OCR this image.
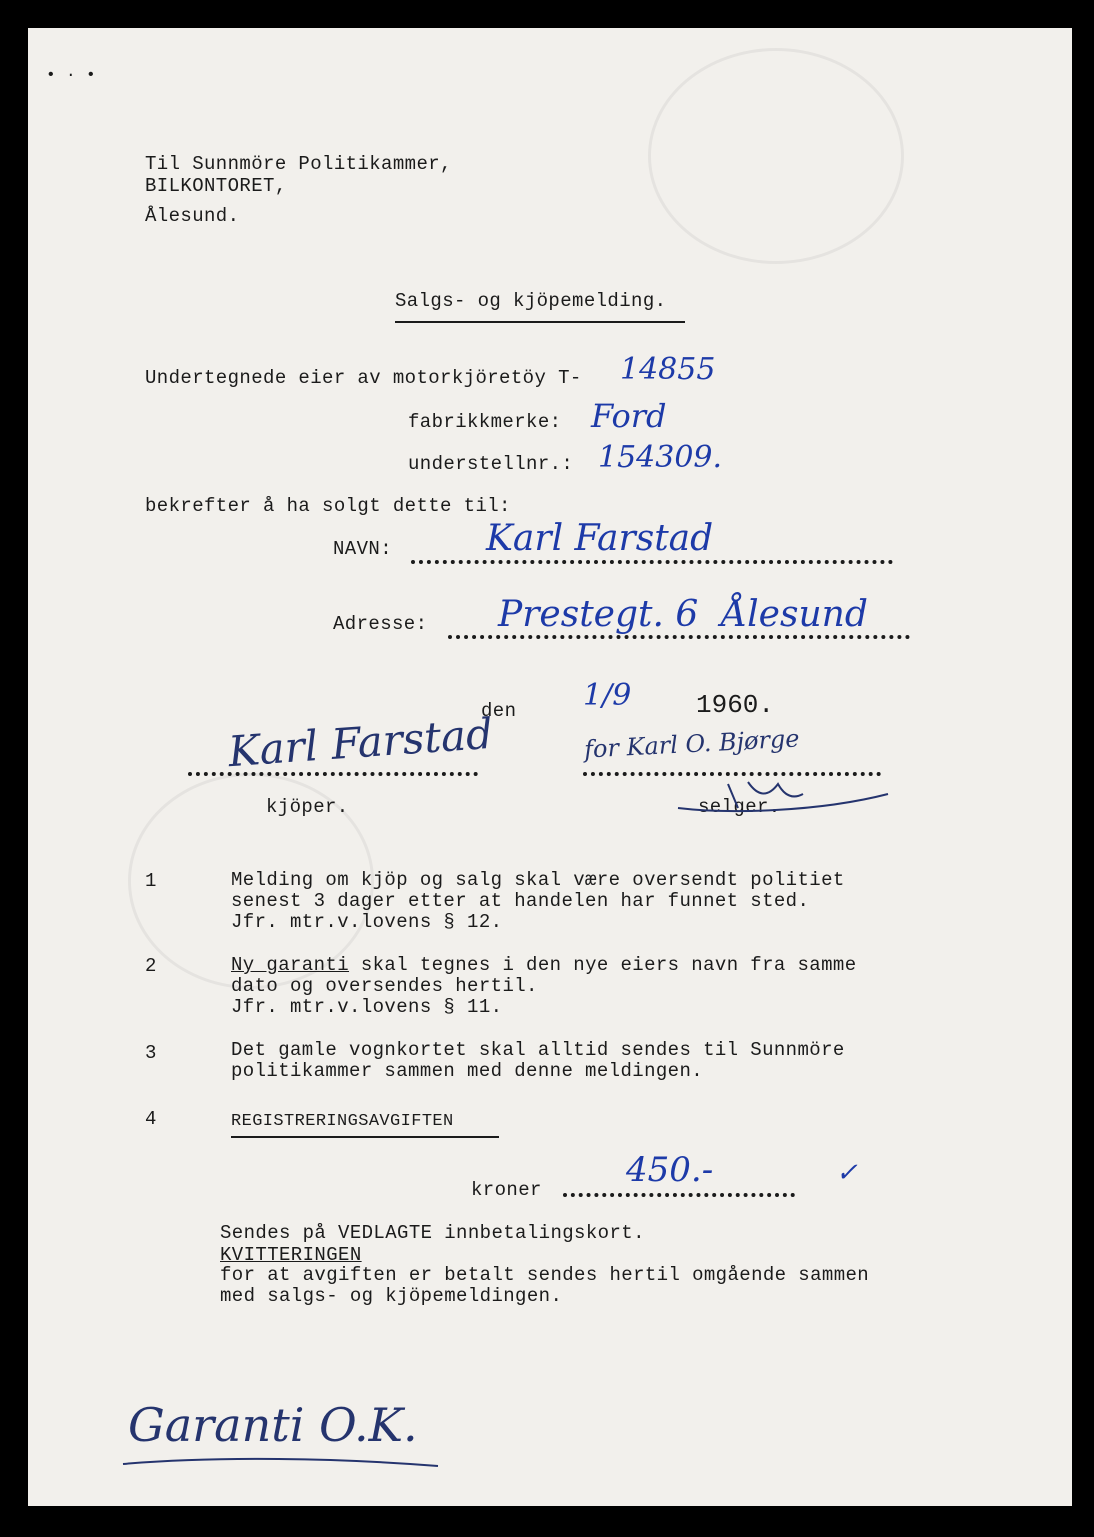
• · •
Til Sunnmöre Politikammer,
BILKONTORET,
Ålesund.
Salgs- og kjöpemelding.
Undertegnede eier av motorkjöretöy T- 14855
fabrikkmerke: Ford
understellnr.: 154309.
bekrefter å ha solgt dette til:
NAVN:	Karl Farstad
Adresse: Prestegt. 6  Ålesund
den 1/9 1960.
Karl Farstad
kjöper.
for Karl O. Bjørge
selger.
1	Melding om kjöp og salg skal være oversendt politiet
senest 3 dager etter at handelen har funnet sted.
Jfr. mtr.v.lovens § 12.
2	Ny garanti skal tegnes i den nye eiers navn fra samme
dato og oversendes hertil.
Jfr. mtr.v.lovens § 11.
3	Det gamle vognkortet skal alltid sendes til Sunnmöre
politikammer sammen med denne meldingen.
4	REGISTRERINGSAVGIFTEN
kroner 450.-	✓
Sendes på VEDLAGTE innbetalingskort.
KVITTERINGEN
for at avgiften er betalt sendes hertil omgående sammen
med salgs- og kjöpemeldingen.
Garanti O.K.
